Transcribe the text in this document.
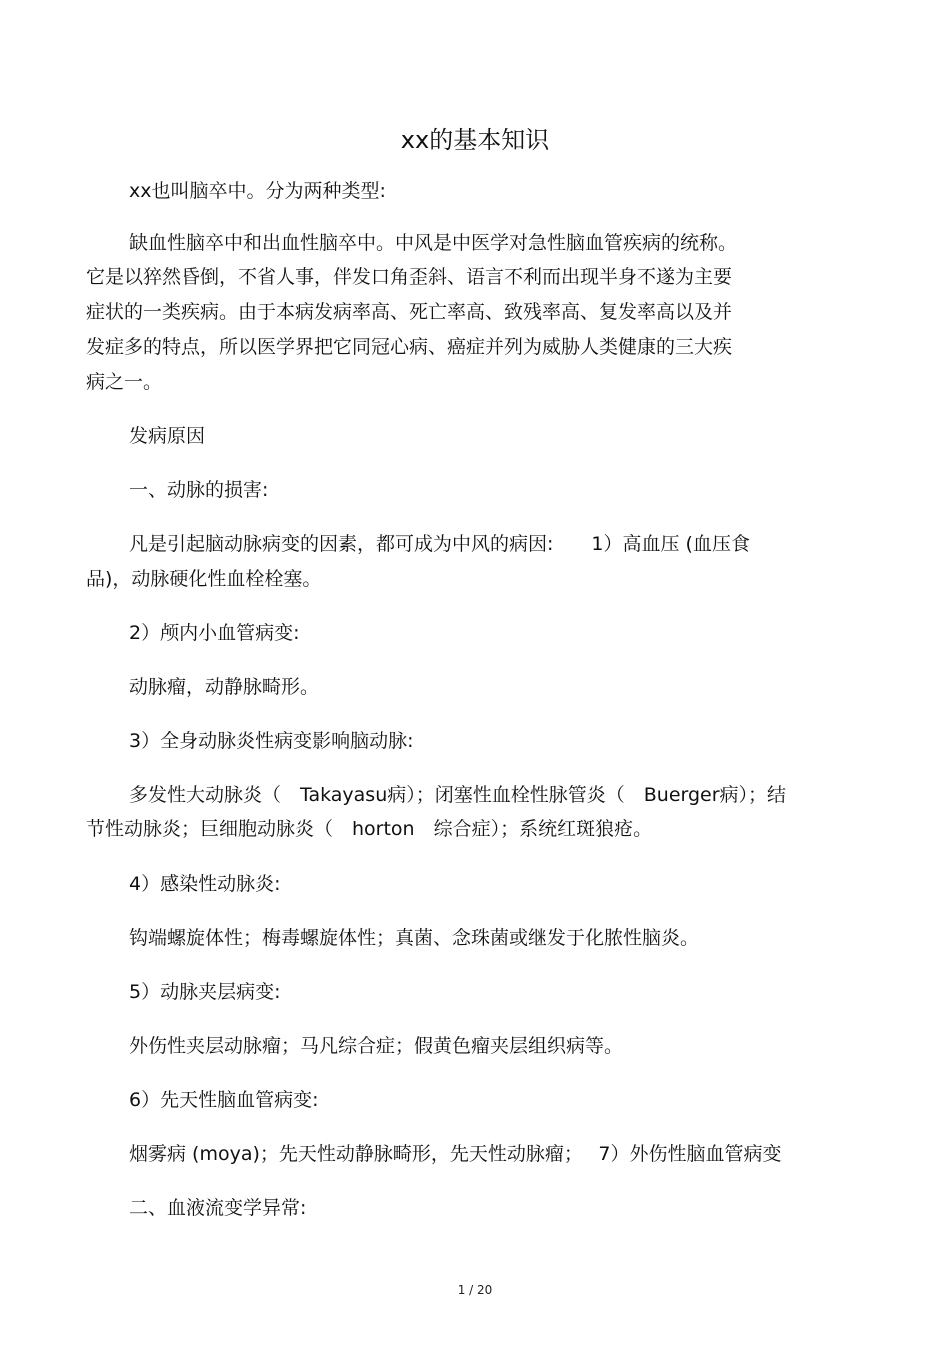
xx的基本知识

xx也叫脑卒中。分为两种类型:

缺血性脑卒中和出血性脑卒中。中风是中医学对急性脑血管疾病的统称。

它是以猝然昏倒，不省人事，伴发口角歪斜、语言不利而出现半身不遂为主要

症状的一类疾病。由于本病发病率高、死亡率高、致残率高、复发率高以及并

发症多的特点，所以医学界把它同冠心病、癌症并列为威胁人类健康的三大疾

病之一。

发病原因

一、动脉的损害:

凡是引起脑动脉病变的因素，都可成为中风的病因:　　1）高血压 (血压食

品)，动脉硬化性血栓栓塞。

2）颅内小血管病变:

动脉瘤，动静脉畸形。

3）全身动脉炎性病变影响脑动脉:

多发性大动脉炎（　Takayasu病）；闭塞性血栓性脉管炎（　Buerger病）；结

节性动脉炎；巨细胞动脉炎（　horton　综合症）；系统红斑狼疮。

4）感染性动脉炎:

钩端螺旋体性；梅毒螺旋体性；真菌、念珠菌或继发于化脓性脑炎。

5）动脉夹层病变:

外伤性夹层动脉瘤；马凡综合症；假黄色瘤夹层组织病等。

6）先天性脑血管病变:

烟雾病 (moya)；先天性动静脉畸形，先天性动脉瘤；　 7）外伤性脑血管病变

二、血液流变学异常:

1 / 20
